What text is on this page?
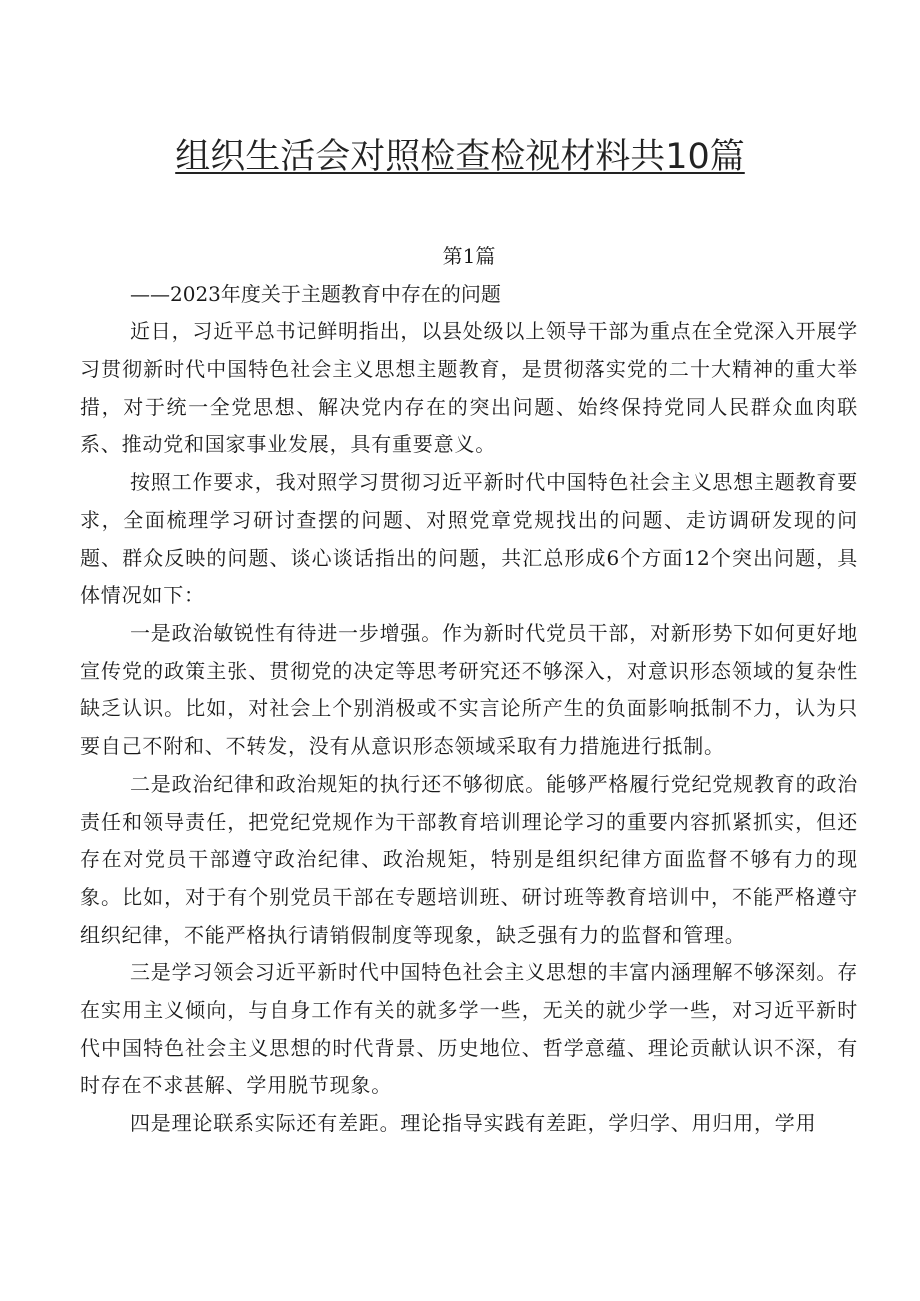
组织生活会对照检查检视材料共10篇

第1篇

——2023年度关于主题教育中存在的问题

近日，习近平总书记鲜明指出，以县处级以上领导干部为重点在全党深入开展学习贯彻新时代中国特色社会主义思想主题教育，是贯彻落实党的二十大精神的重大举措，对于统一全党思想、解决党内存在的突出问题、始终保持党同人民群众血肉联系、推动党和国家事业发展，具有重要意义。

按照工作要求，我对照学习贯彻习近平新时代中国特色社会主义思想主题教育要求，全面梳理学习研讨查摆的问题、对照党章党规找出的问题、走访调研发现的问题、群众反映的问题、谈心谈话指出的问题，共汇总形成6个方面12个突出问题，具体情况如下：

一是政治敏锐性有待进一步增强。作为新时代党员干部，对新形势下如何更好地宣传党的政策主张、贯彻党的决定等思考研究还不够深入，对意识形态领域的复杂性缺乏认识。比如，对社会上个别消极或不实言论所产生的负面影响抵制不力，认为只要自己不附和、不转发，没有从意识形态领域采取有力措施进行抵制。

二是政治纪律和政治规矩的执行还不够彻底。能够严格履行党纪党规教育的政治责任和领导责任，把党纪党规作为干部教育培训理论学习的重要内容抓紧抓实，但还存在对党员干部遵守政治纪律、政治规矩，特别是组织纪律方面监督不够有力的现象。比如，对于有个别党员干部在专题培训班、研讨班等教育培训中，不能严格遵守组织纪律，不能严格执行请销假制度等现象，缺乏强有力的监督和管理。

三是学习领会习近平新时代中国特色社会主义思想的丰富内涵理解不够深刻。存在实用主义倾向，与自身工作有关的就多学一些，无关的就少学一些，对习近平新时代中国特色社会主义思想的时代背景、历史地位、哲学意蕴、理论贡献认识不深，有时存在不求甚解、学用脱节现象。

四是理论联系实际还有差距。理论指导实践有差距，学归学、用归用，学用
